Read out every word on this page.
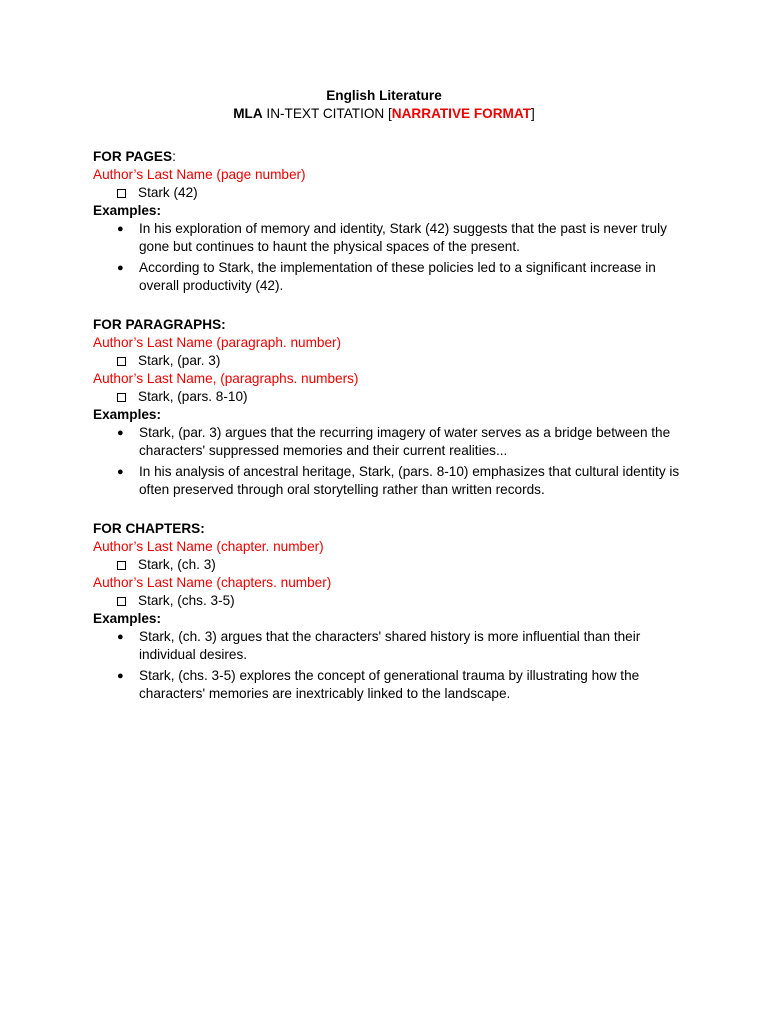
English Literature
MLA IN-TEXT CITATION [NARRATIVE FORMAT]
FOR PAGES:
Author’s Last Name (page number)
Stark (42)
Examples:
● In his exploration of memory and identity, Stark (42) suggests that the past is never truly gone but continues to haunt the physical spaces of the present.
● According to Stark, the implementation of these policies led to a significant increase in overall productivity (42).
FOR PARAGRAPHS:
Author’s Last Name (paragraph. number)
Stark, (par. 3)
Author’s Last Name, (paragraphs. numbers)
Stark, (pars. 8-10)
Examples:
● Stark, (par. 3) argues that the recurring imagery of water serves as a bridge between the characters' suppressed memories and their current realities...
● In his analysis of ancestral heritage, Stark, (pars. 8-10) emphasizes that cultural identity is often preserved through oral storytelling rather than written records.
FOR CHAPTERS:
Author’s Last Name (chapter. number)
Stark, (ch. 3)
Author’s Last Name (chapters. number)
Stark, (chs. 3-5)
Examples:
● Stark, (ch. 3) argues that the characters' shared history is more influential than their individual desires.
● Stark, (chs. 3-5) explores the concept of generational trauma by illustrating how the characters' memories are inextricably linked to the landscape.
